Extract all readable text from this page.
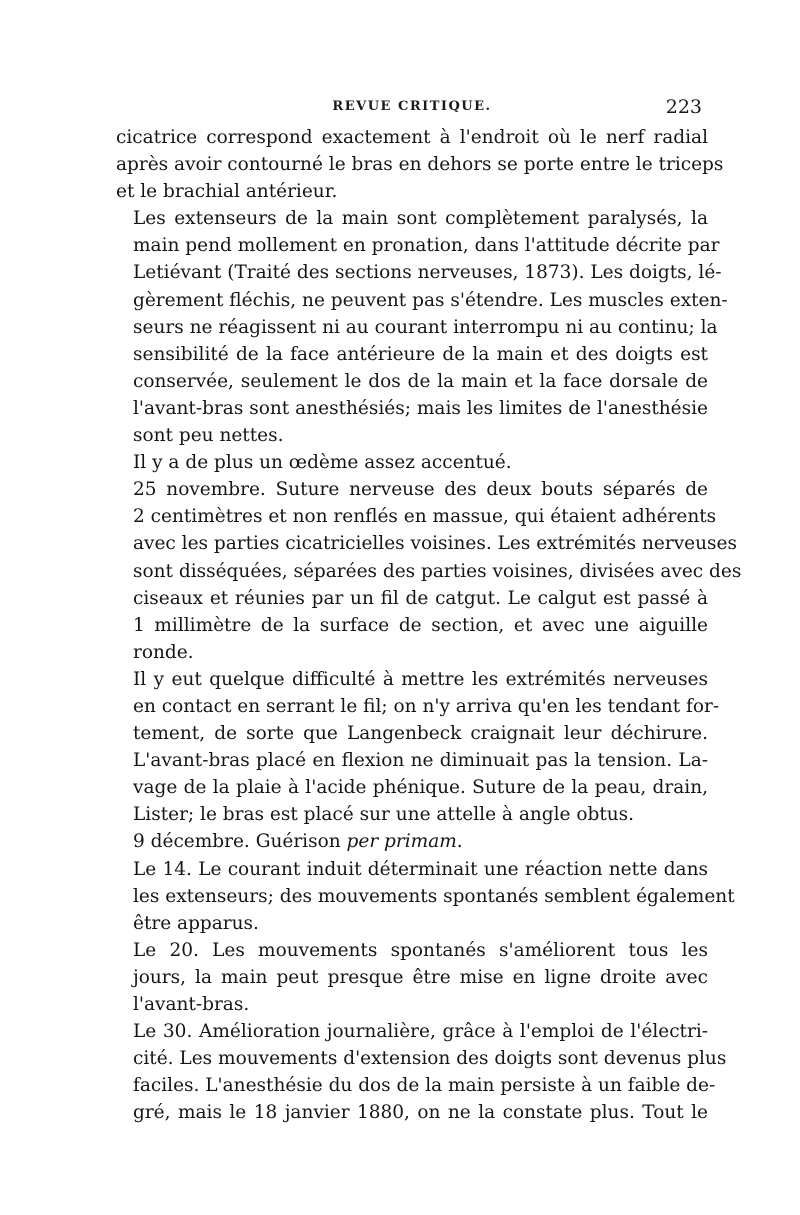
REVUE CRITIQUE.	223

cicatrice correspond exactement à l'endroit où le nerf radial
après avoir contourné le bras en dehors se porte entre le triceps
et le brachial antérieur.

Les extenseurs de la main sont complètement paralysés, la
main pend mollement en pronation, dans l'attitude décrite par
Letiévant (Traité des sections nerveuses, 1873). Les doigts, lé-
gèrement fléchis, ne peuvent pas s'étendre. Les muscles exten-
seurs ne réagissent ni au courant interrompu ni au continu; la
sensibilité de la face antérieure de la main et des doigts est
conservée, seulement le dos de la main et la face dorsale de
l'avant-bras sont anesthésiés; mais les limites de l'anesthésie
sont peu nettes.

Il y a de plus un œdème assez accentué.

25 novembre. Suture nerveuse des deux bouts séparés de
2 centimètres et non renflés en massue, qui étaient adhérents
avec les parties cicatricielles voisines. Les extrémités nerveuses
sont disséquées, séparées des parties voisines, divisées avec des
ciseaux et réunies par un fil de catgut. Le calgut est passé à
1 millimètre de la surface de section, et avec une aiguille
ronde.

Il y eut quelque difficulté à mettre les extrémités nerveuses
en contact en serrant le fil; on n'y arriva qu'en les tendant for-
tement, de sorte que Langenbeck craignait leur déchirure.
L'avant-bras placé en flexion ne diminuait pas la tension. La-
vage de la plaie à l'acide phénique. Suture de la peau, drain,
Lister; le bras est placé sur une attelle à angle obtus.

9 décembre. Guérison per primam.

Le 14. Le courant induit déterminait une réaction nette dans
les extenseurs; des mouvements spontanés semblent également
être apparus.

Le 20. Les mouvements spontanés s'améliorent tous les
jours, la main peut presque être mise en ligne droite avec
l'avant-bras.

Le 30. Amélioration journalière, grâce à l'emploi de l'électri-
cité. Les mouvements d'extension des doigts sont devenus plus
faciles. L'anesthésie du dos de la main persiste à un faible de-
gré, mais le 18 janvier 1880, on ne la constate plus. Tout le
